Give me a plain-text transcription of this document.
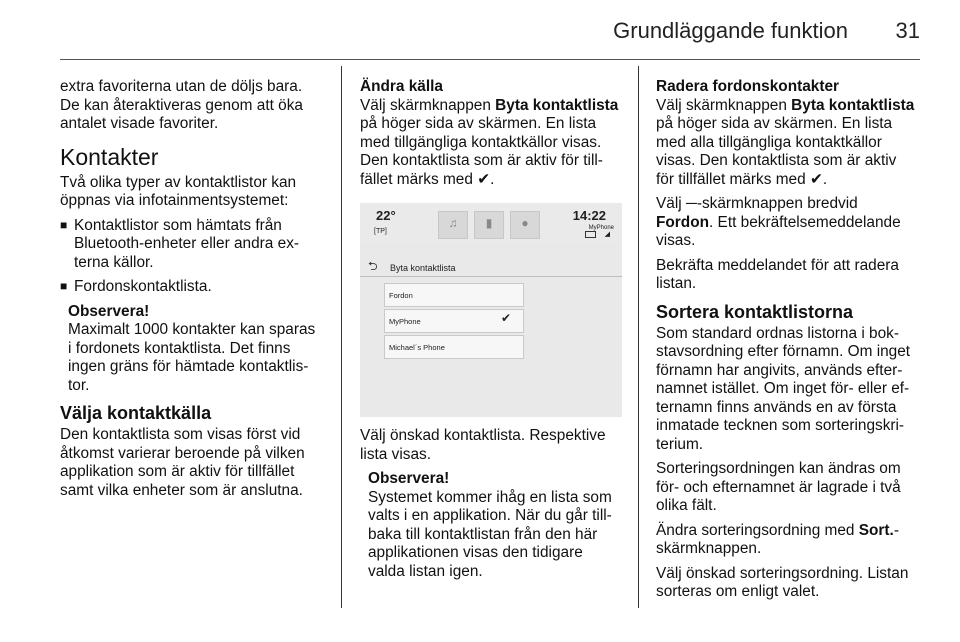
Grundläggande funktion 31

extra favoriterna utan de döljs bara. De kan återaktiveras genom att öka antalet visade favoriter.

Kontakter

Två olika typer av kontaktlistor kan öppnas via infotainmentsystemet:

■ Kontaktlistor som hämtats från Bluetooth-enheter eller andra ex-terna källor.
■ Fordonskontaktlista.
Observera!
Maximalt 1000 kontakter kan sparas i fordonets kontaktlista. Det finns ingen gräns för hämtade kontaktlis-tor.
Välja kontaktkälla

Den kontaktlista som visas först vid åtkomst varierar beroende på vilken applikation som är aktiv för tillfället samt vilka enheter som är anslutna.

Ändra källa

Välj skärmknappen Byta kontaktlista på höger sida av skärmen. En lista med tillgängliga kontaktkällor visas. Den kontaktlista som är aktiv för till-fället märks med ✔.

22°
[TP]
♫	▮	●	14:22
MyPhone
◢
⮌ Byta kontaktlista
Fordon
MyPhone	✔
Michael´s Phone

Välj önskad kontaktlista. Respektive lista visas.

Observera!
Systemet kommer ihåg en lista som valts i en applikation. När du går till-baka till kontaktlistan från den här applikationen visas den tidigare valda listan igen.
Radera fordonskontakter

Välj skärmknappen Byta kontaktlista på höger sida av skärmen. En lista med alla tillgängliga kontaktkällor visas. Den kontaktlista som är aktiv för tillfället märks med ✔.

Välj ─-skärmknappen bredvid Fordon. Ett bekräftelsemeddelande visas.

Bekräfta meddelandet för att radera listan.

Sortera kontaktlistorna

Som standard ordnas listorna i bok-stavsordning efter förnamn. Om inget förnamn har angivits, används efter-namnet istället. Om inget för- eller ef-ternamn finns används en av första inmatade tecknen som sorteringskri-terium.

Sorteringsordningen kan ändras om för- och efternamnet är lagrade i två olika fält.

Ändra sorteringsordning med Sort.-skärmknappen.

Välj önskad sorteringsordning. Listan sorteras om enligt valet.
